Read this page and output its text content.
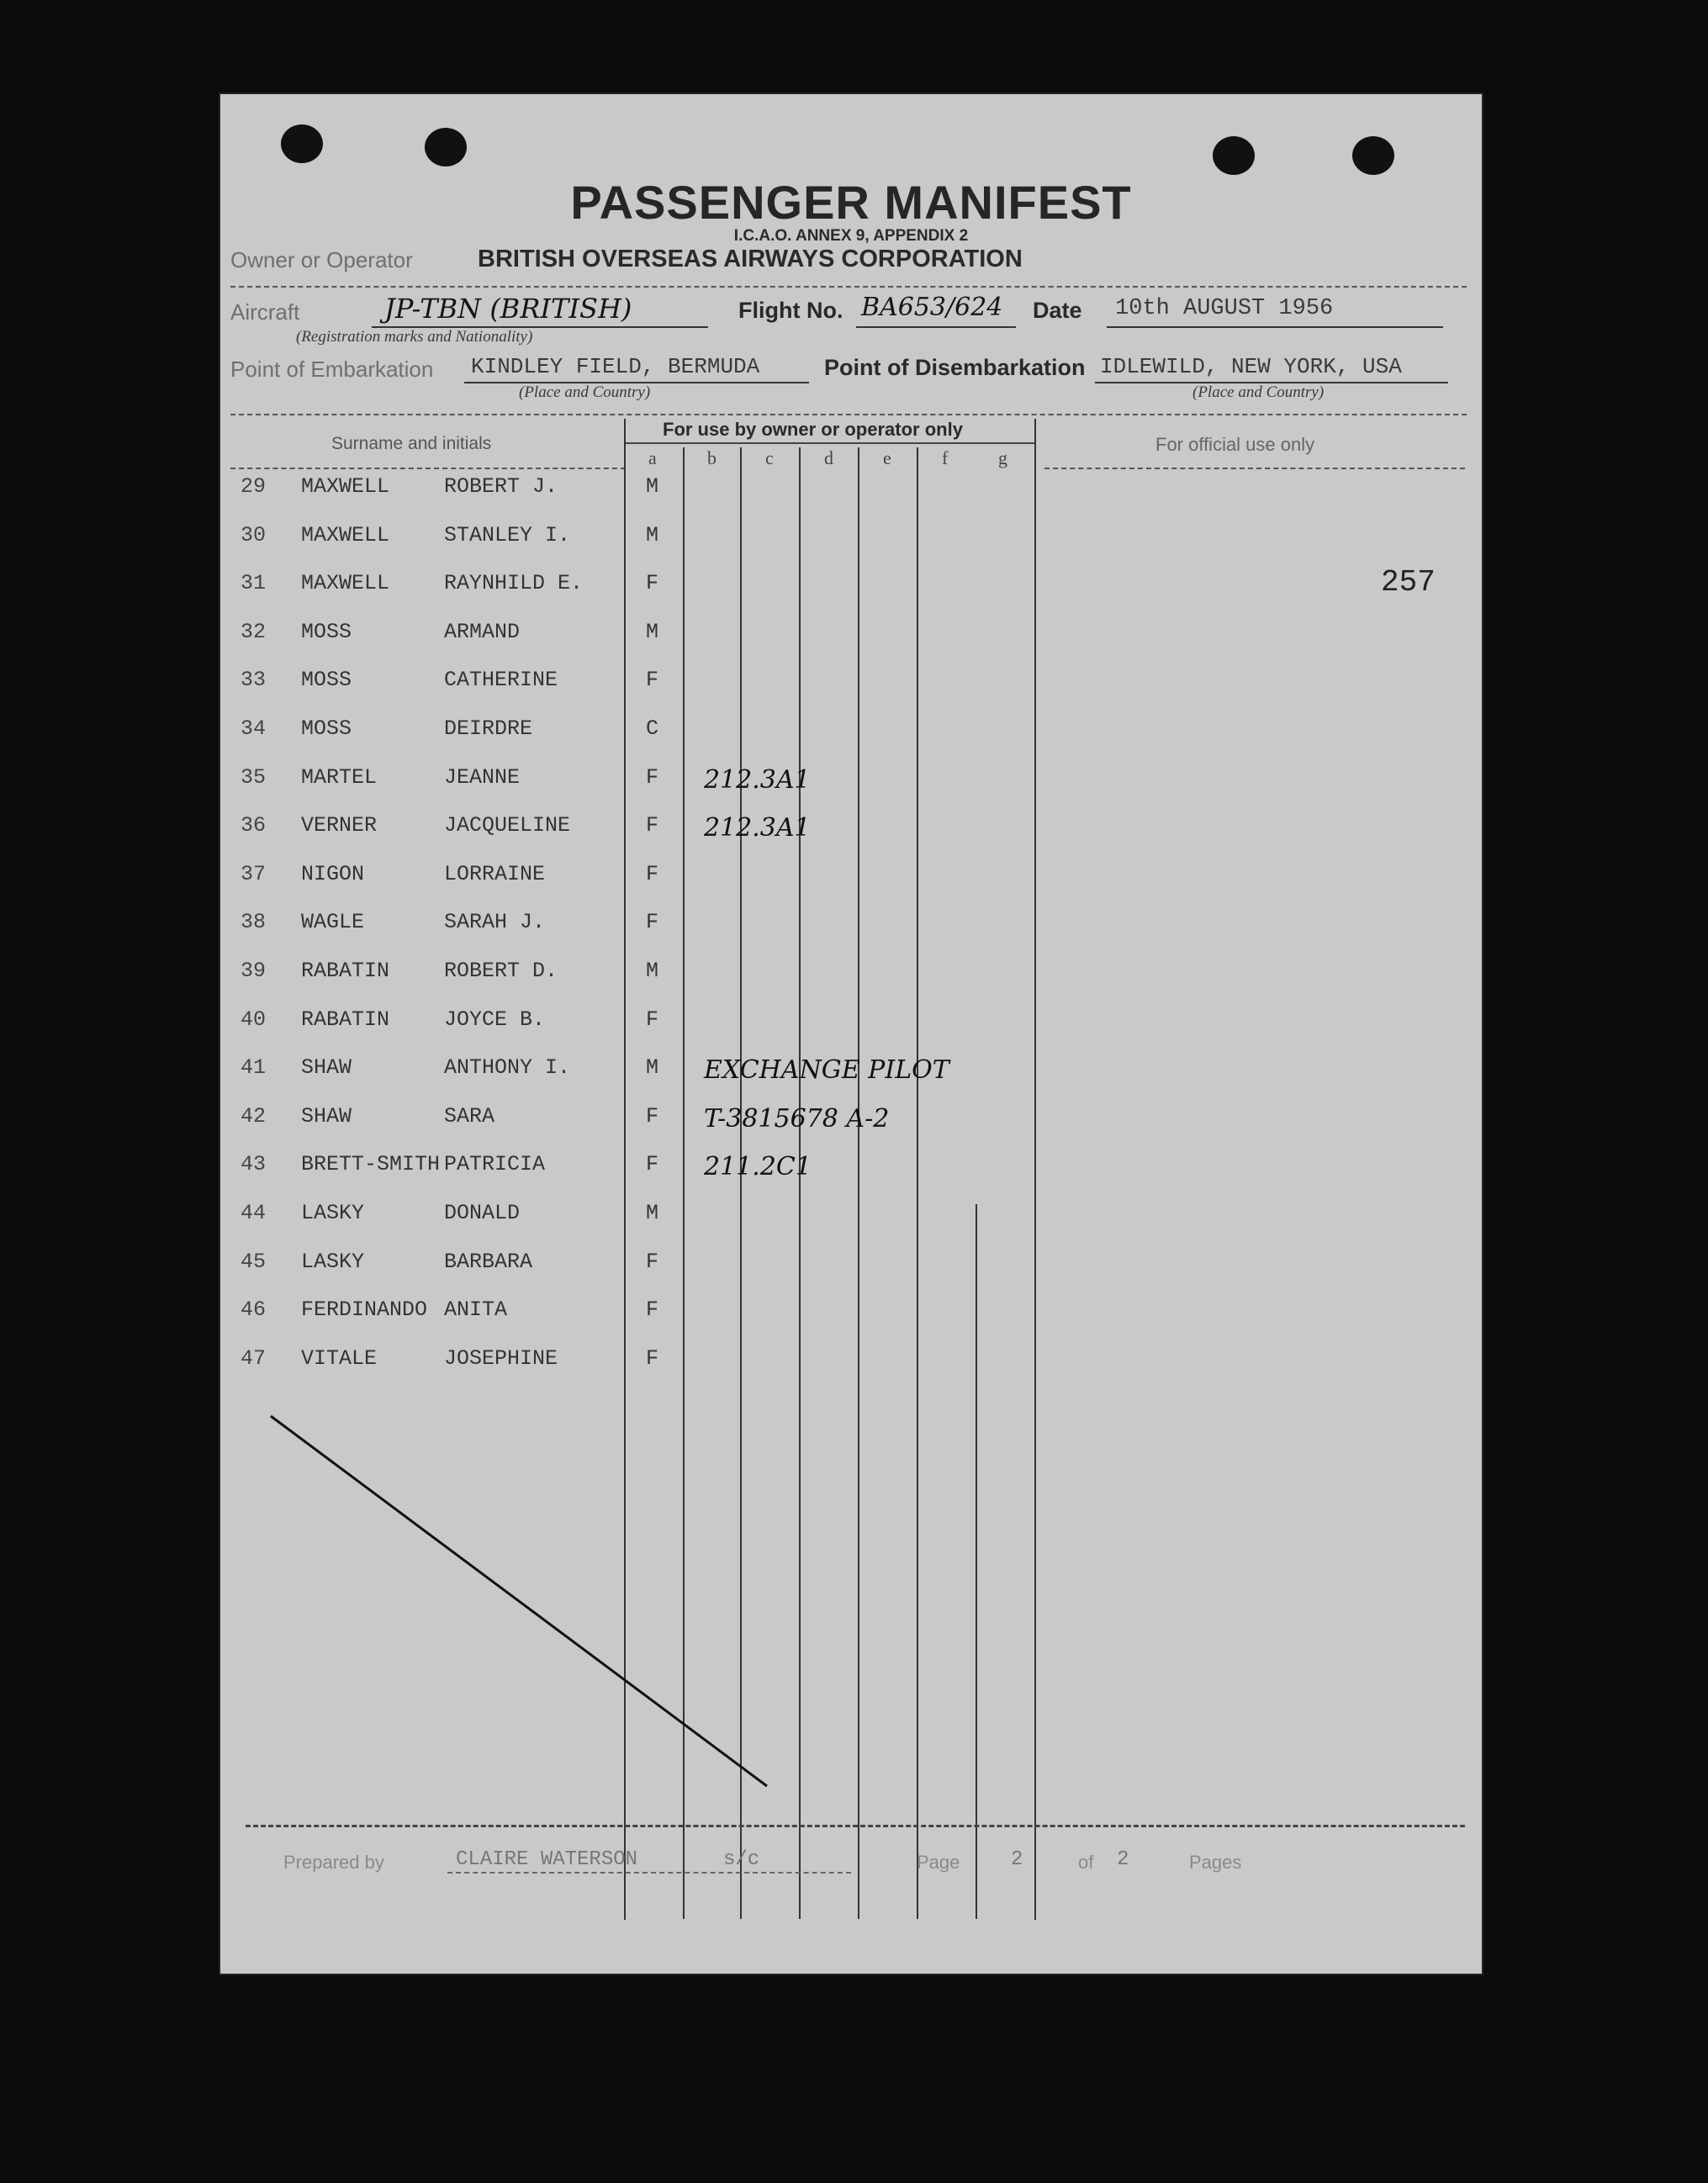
PASSENGER MANIFEST
I.C.A.O. ANNEX 9, APPENDIX 2
Owner or Operator	BRITISH OVERSEAS AIRWAYS CORPORATION
Aircraft	JP-TBN (BRITISH)
(Registration marks and Nationality)
Flight No. BA653/624 Date 10th AUGUST 1956
Point of Embarkation KINDLEY FIELD, BERMUDA
(Place and Country)
Point of Disembarkation IDLEWILD, NEW YORK, USA
(Place and Country)
Surname and initials
For use by owner or operator only
For official use only
a	b	c	d	e	f	g
257
29 MAXWELL	ROBERT J.	M
30 MAXWELL	STANLEY I.	M
31 MAXWELL	RAYNHILD E.	F
32 MOSS	ARMAND	M
33 MOSS	CATHERINE	F
34 MOSS	DEIRDRE	C
35 MARTEL	JEANNE	F 212.3A1
36 VERNER	JACQUELINE	F 212.3A1
37 NIGON	LORRAINE	F
38 WAGLE	SARAH J.	F
39 RABATIN	ROBERT D.	M
40 RABATIN	JOYCE B.	F
41 SHAW	ANTHONY I.	M EXCHANGE PILOT
42 SHAW	SARA	F T-3815678 A-2
43 BRETT-SMITH PATRICIA	F 211.2C1
44 LASKY	DONALD	M
45 LASKY	BARBARA	F
46 FERDINANDO ANITA	F
47 VITALE	JOSEPHINE	F
Prepared by	CLAIRE WATERSON	s/c	Page	2	of 2	Pages
